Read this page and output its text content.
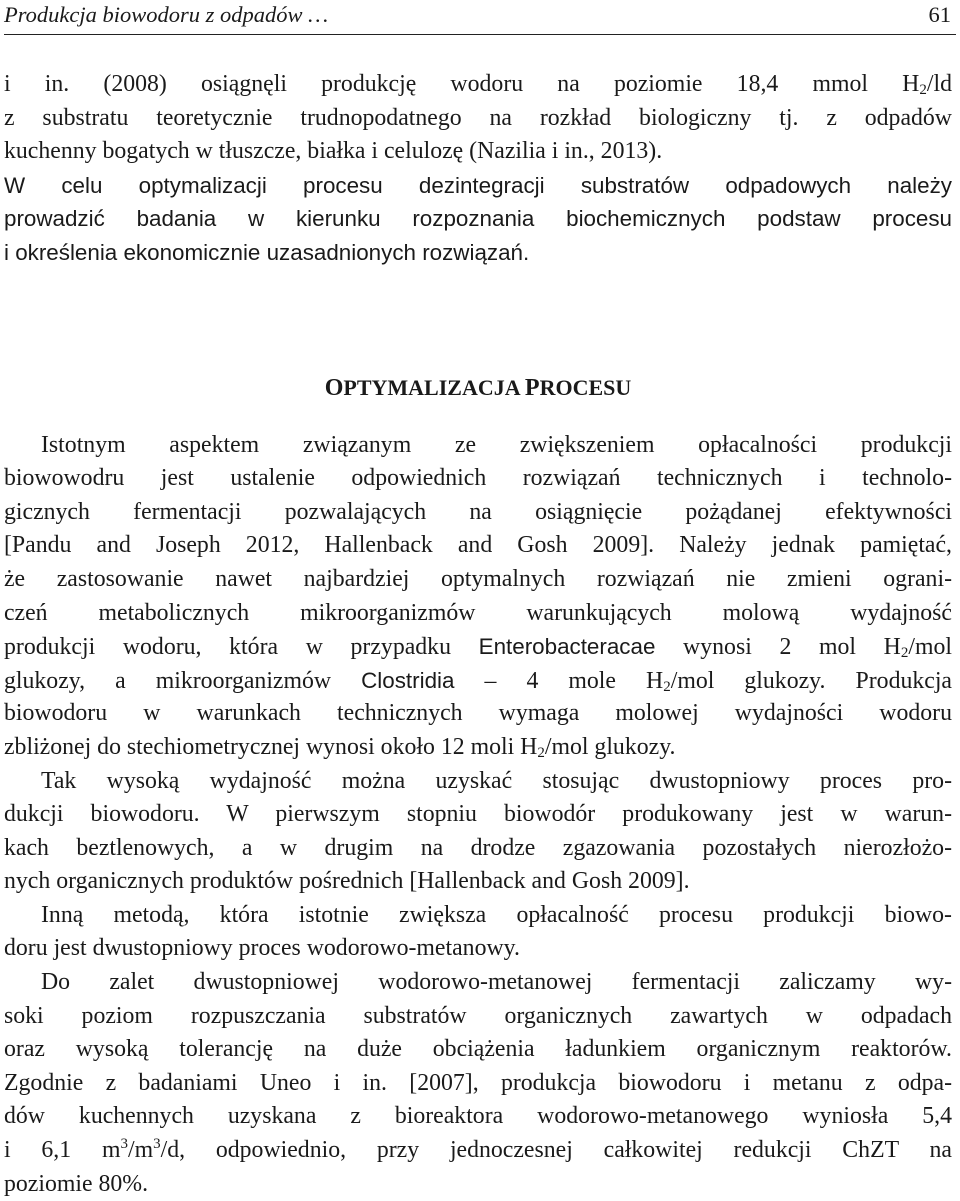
Produkcja biowodoru z odpadów …	61
i in. (2008) osiągnęli produkcję wodoru na poziomie 18,4 mmol $H_2/ld$
z substratu teoretycznie trudnopodatnego na rozkład biologiczny tj. z odpadów
kuchenny bogatych w tłuszcze, białka i celulozę (Nazilia i in., 2013).
W celu optymalizacji procesu dezintegracji substratów odpadowych należy
prowadzić badania w kierunku rozpoznania biochemicznych podstaw procesu
i określenia ekonomicznie uzasadnionych rozwiązań.
OPTYMALIZACJA PROCESU
Istotnym aspektem związanym ze zwiększeniem opłacalności produkcji
biowowodru jest ustalenie odpowiednich rozwiązań technicznych i technolo-
gicznych fermentacji pozwalających na osiągnięcie pożądanej efektywności
[Pandu and Joseph 2012, Hallenback and Gosh 2009]. Należy jednak pamiętać,
że zastosowanie nawet najbardziej optymalnych rozwiązań nie zmieni ograni-
czeń metabolicznych mikroorganizmów warunkujących molową wydajność
produkcji wodoru, która w przypadku Enterobacteracae wynosi 2 mol $H_2$/mol
glukozy, a mikroorganizmów Clostridia – 4 mole $H_2$/mol glukozy. Produkcja
biowodoru w warunkach technicznych wymaga molowej wydajności wodoru
zbliżonej do stechiometrycznej wynosi około 12 moli $H_2$/mol glukozy.
Tak wysoką wydajność można uzyskać stosując dwustopniowy proces pro-
dukcji biowodoru. W pierwszym stopniu biowodór produkowany jest w warun-
kach beztlenowych, a w drugim na drodze zgazowania pozostałych nierozłożo-
nych organicznych produktów pośrednich [Hallenback and Gosh 2009].
Inną metodą, która istotnie zwiększa opłacalność procesu produkcji biowo-
doru jest dwustopniowy proces wodorowo-metanowy.
Do zalet dwustopniowej wodorowo-metanowej fermentacji zaliczamy wy-
soki poziom rozpuszczania substratów organicznych zawartych w odpadach
oraz wysoką tolerancję na duże obciążenia ładunkiem organicznym reaktorów.
Zgodnie z badaniami Uneo i in. [2007], produkcja biowodoru i metanu z odpa-
dów kuchennych uzyskana z bioreaktora wodorowo-metanowego wyniosła 5,4
i 6,1 $m^3/m^3/d$, odpowiednio, przy jednoczesnej całkowitej redukcji ChZT na
poziomie 80%.
